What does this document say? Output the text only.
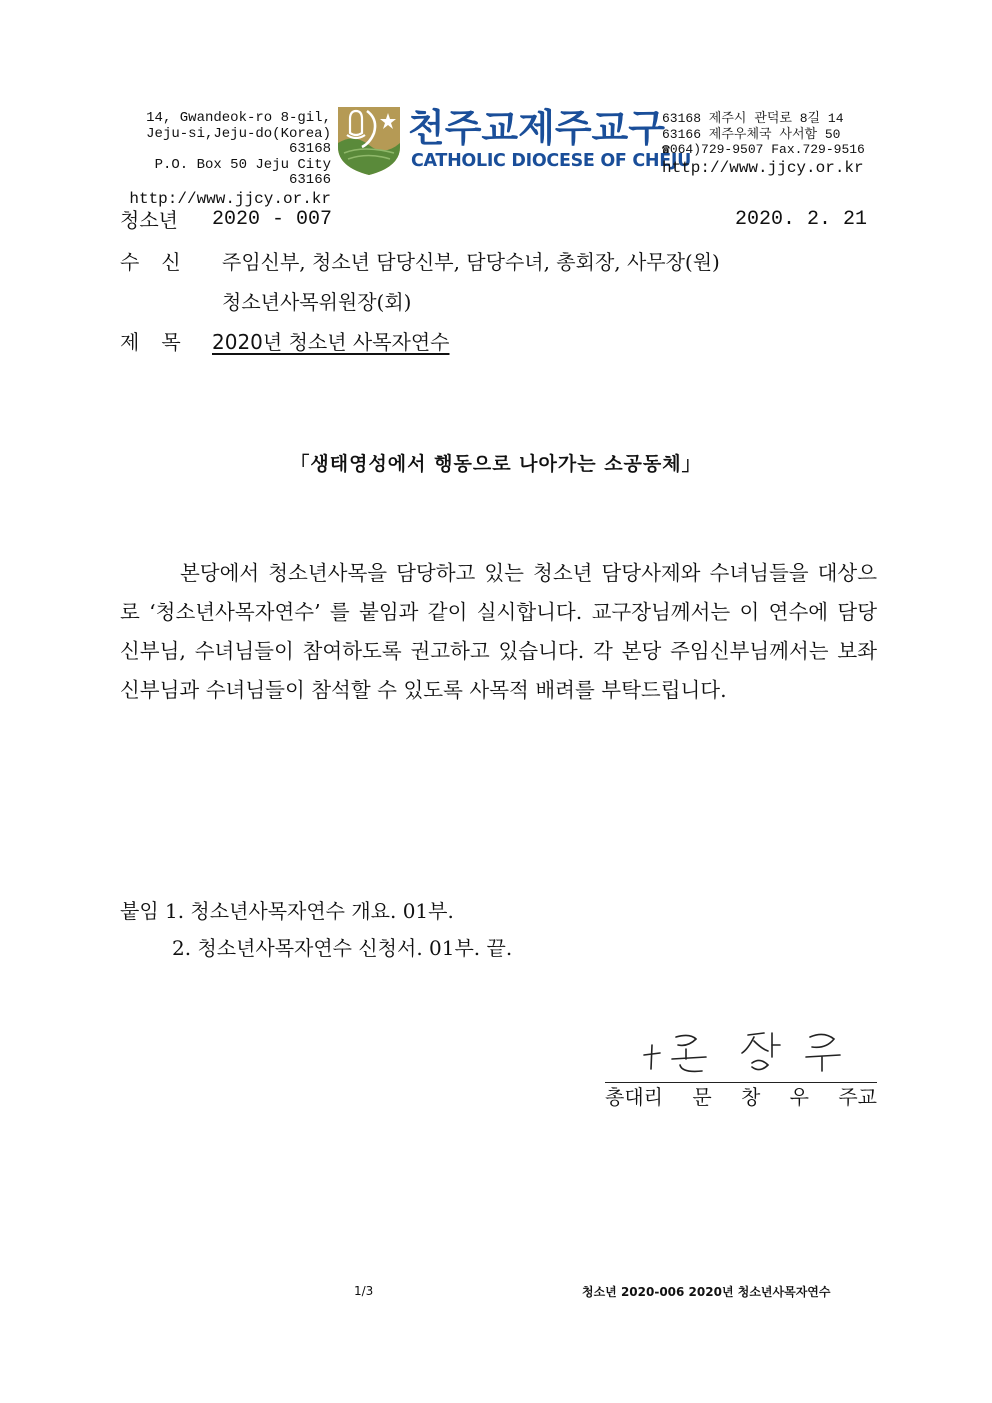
14, Gwandeok-ro 8-gil,
Jeju-si,Jeju-do(Korea) 63168
P.O. Box 50 Jeju City 63166
http://www.jjcy.or.kr
천주교제주교구
CATHOLIC DIOCESE OF CHEJU
63168 제주시 관덕로 8길 14
63166 제주우체국 사서함 50
☎064)729-9507 Fax.729-9516
http://www.jjcy.or.kr
청소년 2020 - 007	2020. 2. 21
수신 주임신부, 청소년 담당신부, 담당수녀, 총회장, 사무장(원)
청소년사목위원장(회)
제목 2020년 청소년 사목자연수
「생태영성에서 행동으로 나아가는 소공동체」

본당에서 청소년사목을 담당하고 있는 청소년 담당사제와 수녀님들을 대상으로 ‘청소년사목자연수’ 를 붙임과 같이 실시합니다. 교구장님께서는 이 연수에 담당 신부님, 수녀님들이 참여하도록 권고하고 있습니다. 각 본당 주임신부님께서는 보좌신부님과 수녀님들이 참석할 수 있도록 사목적 배려를 부탁드립니다.

붙임 1. 청소년사목자연수 개요. 01부.
2. 청소년사목자연수 신청서. 01부. 끝.
총대리 문 창 우 주교
1/3	청소년 2020-006 2020년 청소년사목자연수
